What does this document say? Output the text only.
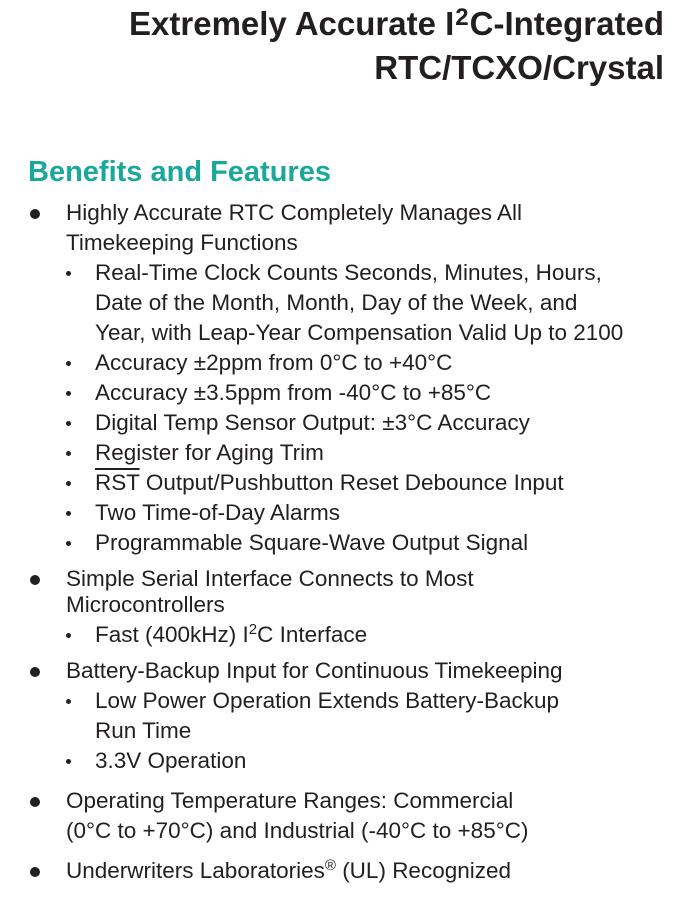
Extremely Accurate $I^2C$-Integrated
RTC/TCXO/Crystal
Benefits and Features
Highly Accurate RTC Completely Manages All
Timekeeping Functions
Real-Time Clock Counts Seconds, Minutes, Hours,
Date of the Month, Month, Day of the Week, and
Year, with Leap-Year Compensation Valid Up to 2100
Accuracy ±2ppm from 0°C to +40°C
Accuracy ±3.5ppm from -40°C to +85°C
Digital Temp Sensor Output: ±3°C Accuracy
Register for Aging Trim
$\overline{RST}$ Output/Pushbutton Reset Debounce Input
Two Time-of-Day Alarms
Programmable Square-Wave Output Signal
Simple Serial Interface Connects to Most
Microcontrollers
Fast (400kHz) $I^2C$ Interface
Battery-Backup Input for Continuous Timekeeping
Low Power Operation Extends Battery-Backup
Run Time
3.3V Operation
Operating Temperature Ranges: Commercial
(0°C to +70°C) and Industrial (-40°C to +85°C)
Underwriters Laboratories® (UL) Recognized
